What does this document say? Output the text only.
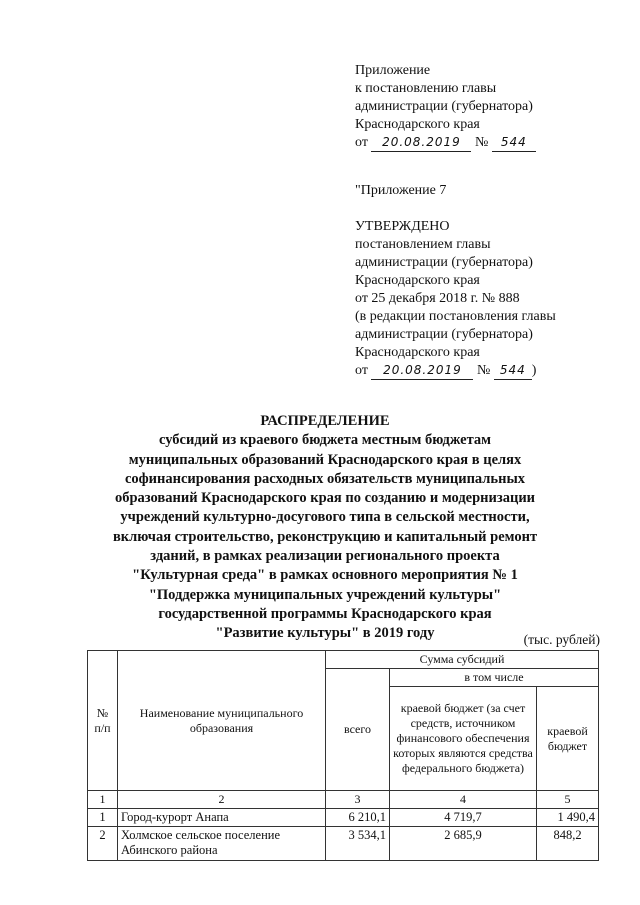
Приложение
к постановлению главы
администрации (губернатора)
Краснодарского края
от 20.08.2019 № 544
"Приложение 7
УТВЕРЖДЕНО
постановлением главы
администрации (губернатора)
Краснодарского края
от 25 декабря 2018 г. № 888
(в редакции постановления главы
администрации (губернатора)
Краснодарского края
от 20.08.2019 № 544 )
РАСПРЕДЕЛЕНИЕ
субсидий из краевого бюджета местным бюджетам
муниципальных образований Краснодарского края в целях
софинансирования расходных обязательств муниципальных
образований Краснодарского края по созданию и модернизации
учреждений культурно-досугового типа в сельской местности,
включая строительство, реконструкцию и капитальный ремонт
зданий, в рамках реализации регионального проекта
"Культурная среда" в рамках основного мероприятия № 1
"Поддержка муниципальных учреждений культуры"
государственной программы Краснодарского края
"Развитие культуры" в 2019 году	(тыс. рублей)
№ п/п	Наименование муниципального образования	Сумма субсидий		
		всего	в том числе	
			краевой бюджет (за счет средств, источником финансового обеспечения которых являются средства федерального бюджета)	краевой бюджет
1	2	3	4	5
1	Город-курорт Анапа	6 210,1	4 719,7	1 490,4
2	Холмское сельское поселение Абинского района	3 534,1	2 685,9	848,2
